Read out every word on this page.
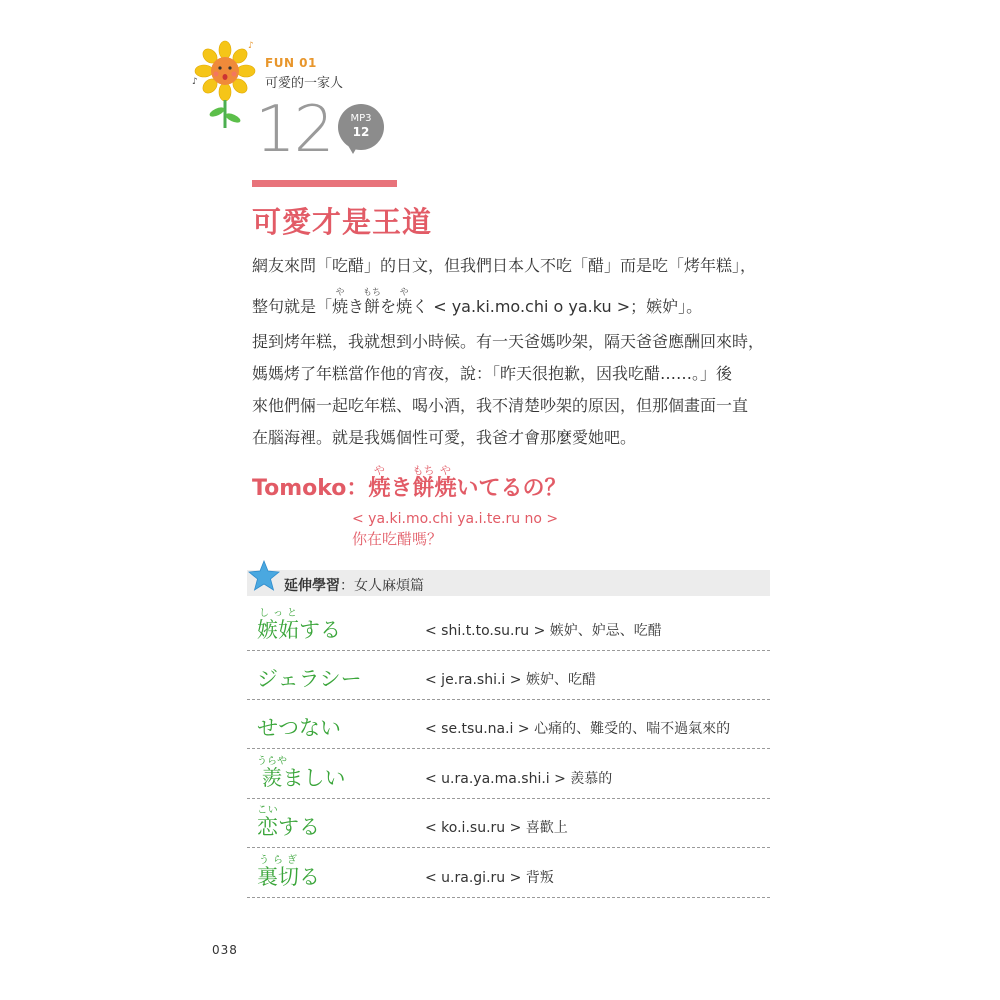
♪
♪
FUN 01
可愛的一家人
12	MP3
12
可愛才是王道
網友來問「吃醋」的日文，但我們日本人不吃「醋」而是吃「烤年糕」，
整句就是「焼やき餅もちを焼やく < ya.ki.mo.chi o ya.ku >；嫉妒」。
提到烤年糕，我就想到小時候。有一天爸媽吵架，隔天爸爸應酬回來時，
媽媽烤了年糕當作他的宵夜，說：「昨天很抱歉，因我吃醋……。」後
來他們倆一起吃年糕、喝小酒，我不清楚吵架的原因，但那個畫面一直
在腦海裡。就是我媽個性可愛，我爸才會那麼愛她吧。
Tomoko：焼やき餅もち焼やいてるの？
< ya.ki.mo.chi ya.i.te.ru no >
你在吃醋嗎？
延伸學習：女人麻煩篇
嫉妬しっとする	< shi.t.to.su.ru > 嫉妒、妒忌、吃醋
ジェラシー	< je.ra.shi.i > 嫉妒、吃醋
せつない	< se.tsu.na.i > 心痛的、難受的、喘不過氣來的
羨うらやましい	< u.ra.ya.ma.shi.i > 羨慕的
恋こいする	< ko.i.su.ru > 喜歡上
裏切うらぎる	< u.ra.gi.ru > 背叛
038
